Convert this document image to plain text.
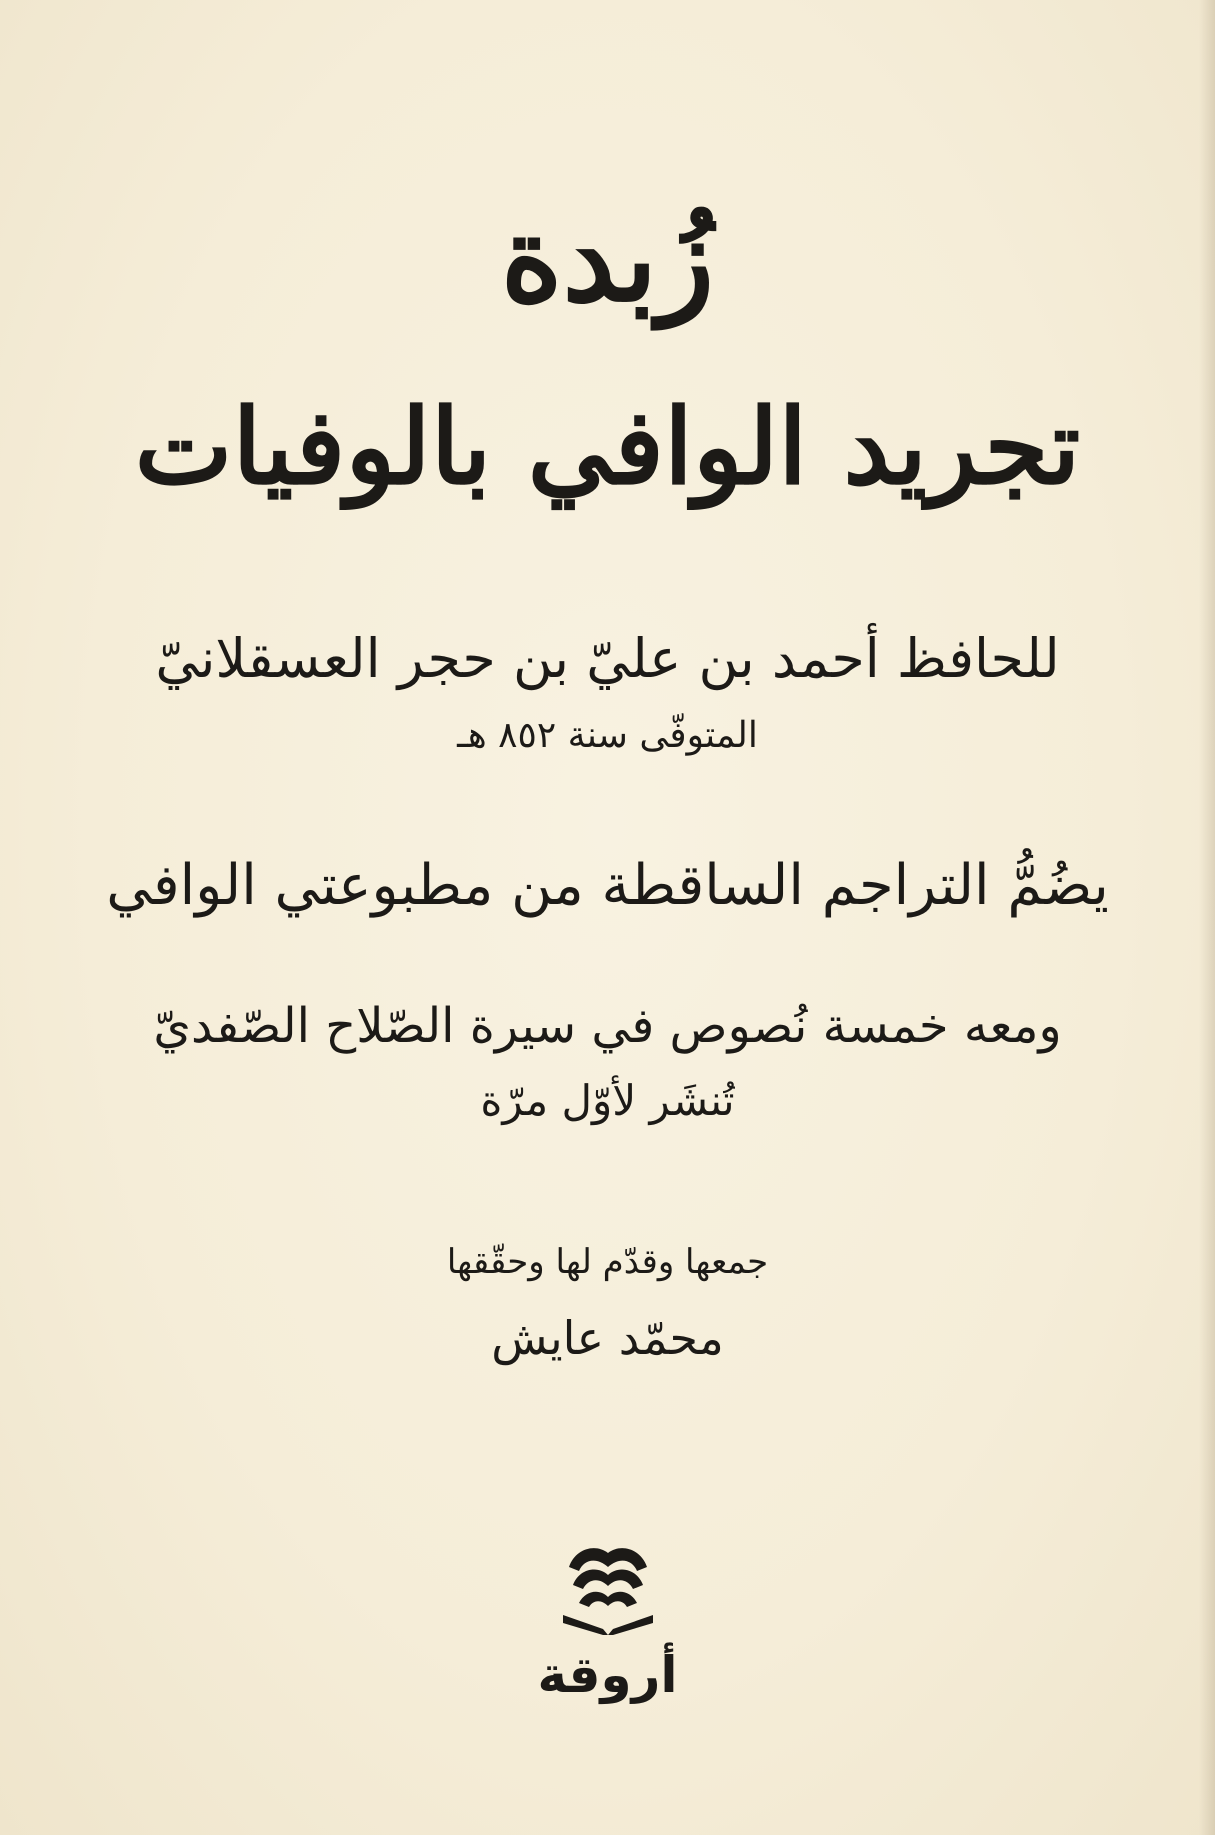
زُبدة
تجريد الوافي بالوفيات

للحافظ أحمد بن عليّ بن حجر العسقلانيّ

المتوفّى سنة ٨٥٢ هـ

يضُمُّ التراجم الساقطة من مطبوعتي الوافي

ومعه خمسة نُصوص في سيرة الصّلاح الصّفديّ

تُنشَر لأوّل مرّة

جمعها وقدّم لها وحقّقها

محمّد عايش

أروقة
